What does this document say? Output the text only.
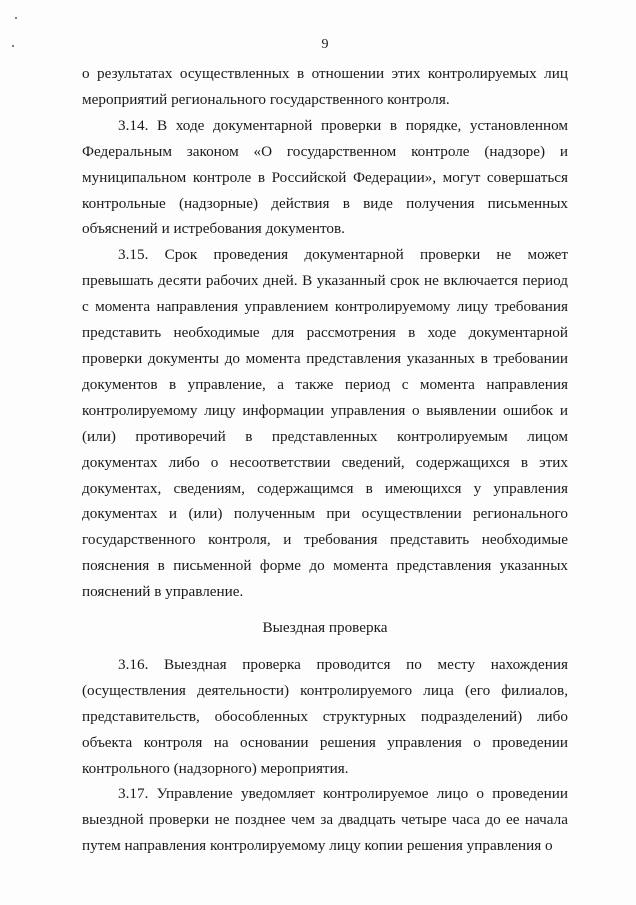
9

о результатах осуществленных в отношении этих контролируемых лиц мероприятий регионального государственного контроля.

3.14. В ходе документарной проверки в порядке, установленном Федеральным законом «О государственном контроле (надзоре) и муниципальном контроле в Российской Федерации», могут совершаться контрольные (надзорные) действия в виде получения письменных объяснений и истребования документов.

3.15. Срок проведения документарной проверки не может превышать десяти рабочих дней. В указанный срок не включается период с момента направления управлением контролируемому лицу требования представить необходимые для рассмотрения в ходе документарной проверки документы до момента представления указанных в требовании документов в управление, а также период с момента направления контролируемому лицу информации управления о выявлении ошибок и (или) противоречий в представленных контролируемым лицом документах либо о несоответствии сведений, содержащихся в этих документах, сведениям, содержащимся в имеющихся у управления документах и (или) полученным при осуществлении регионального государственного контроля, и требования представить необходимые пояснения в письменной форме до момента представления указанных пояснений в управление.

Выездная проверка

3.16. Выездная проверка проводится по месту нахождения (осуществления деятельности) контролируемого лица (его филиалов, представительств, обособленных структурных подразделений) либо объекта контроля на основании решения управления о проведении контрольного (надзорного) мероприятия.

3.17. Управление уведомляет контролируемое лицо о проведении выездной проверки не позднее чем за двадцать четыре часа до ее начала путем направления контролируемому лицу копии решения управления о
